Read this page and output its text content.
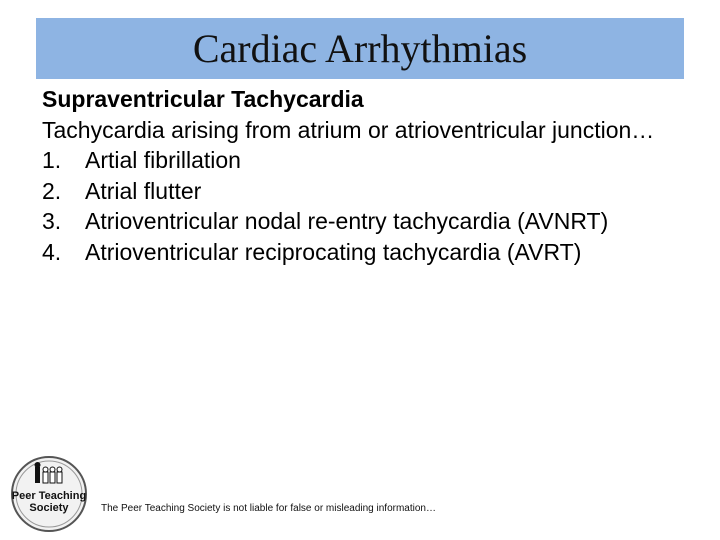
Cardiac Arrhythmias
Supraventricular Tachycardia
Tachycardia arising from atrium or atrioventricular junction…
1.	Artial fibrillation
2.	Atrial flutter
3.	Atrioventricular nodal re-entry tachycardia (AVNRT)
4.	Atrioventricular reciprocating tachycardia (AVRT)
Peer Teaching
Society	The Peer Teaching Society is not liable for false or misleading information…
